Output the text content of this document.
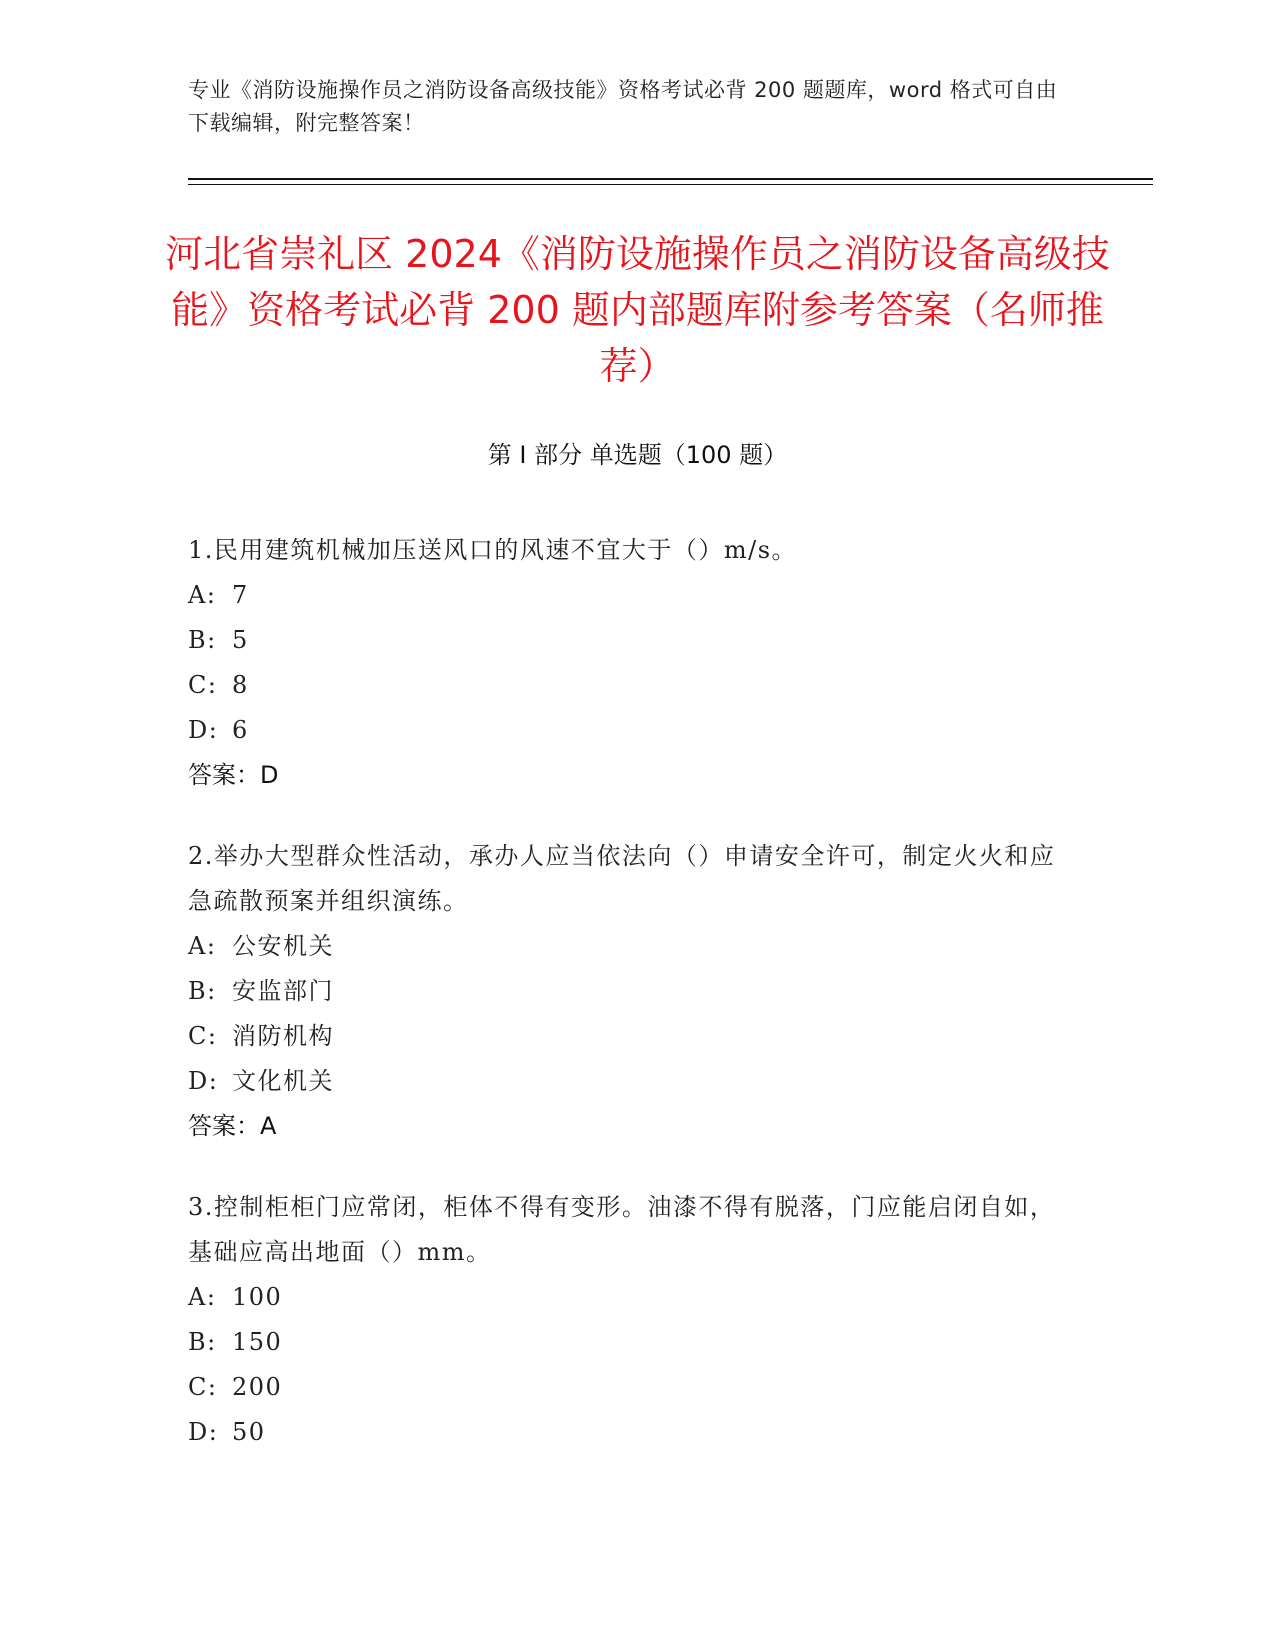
专业《消防设施操作员之消防设备高级技能》资格考试必背 200 题题库，word 格式可自由下载编辑，附完整答案！
河北省崇礼区 2024《消防设施操作员之消防设备高级技能》资格考试必背 200 题内部题库附参考答案（名师推荐）
第 I 部分 单选题（100 题）
1.民用建筑机械加压送风口的风速不宜大于（）m/s。
A: 7
B: 5
C: 8
D: 6
答案：D
2.举办大型群众性活动，承办人应当依法向（）申请安全许可，制定火火和应急疏散预案并组织演练。
A: 公安机关
B: 安监部门
C: 消防机构
D: 文化机关
答案：A
3.控制柜柜门应常闭，柜体不得有变形。油漆不得有脱落，门应能启闭自如，基础应高出地面（）mm。
A: 100
B: 150
C: 200
D: 50
